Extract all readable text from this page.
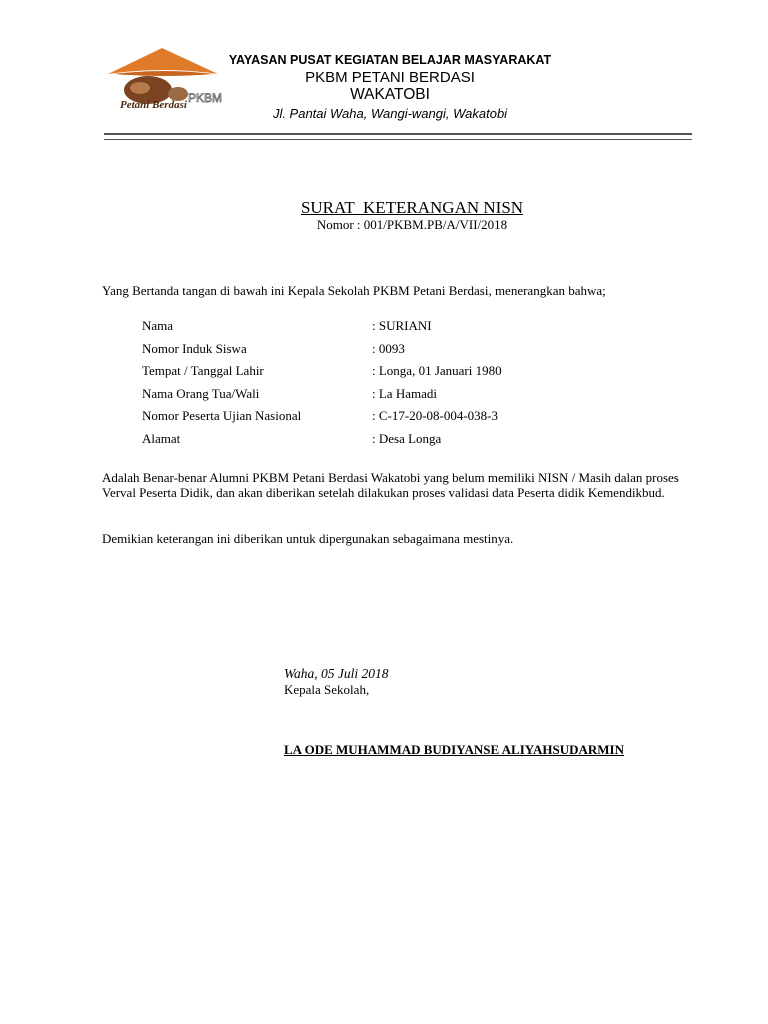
Petani Berdasi PKBM
YAYASAN PUSAT KEGIATAN BELAJAR MASYARAKAT
PKBM PETANI BERDASI
WAKATOBI
Jl. Pantai Waha, Wangi-wangi, Wakatobi
SURAT  KETERANGAN NISN
Nomor : 001/PKBM.PB/A/VII/2018
Yang Bertanda tangan di bawah ini Kepala Sekolah PKBM Petani Berdasi, menerangkan bahwa;
Nama	: SURIANI
Nomor Induk Siswa	: 0093
Tempat / Tanggal Lahir	: Longa, 01 Januari 1980
Nama Orang Tua/Wali	: La Hamadi
Nomor Peserta Ujian Nasional	: C-17-20-08-004-038-3
Alamat	: Desa Longa
Adalah Benar-benar Alumni PKBM Petani Berdasi Wakatobi yang belum memiliki NISN / Masih dalan proses Verval Peserta Didik, dan akan diberikan setelah dilakukan proses validasi data Peserta didik Kemendikbud.
Demikian keterangan ini diberikan untuk dipergunakan sebagaimana mestinya.
Waha, 05 Juli 2018
Kepala Sekolah,
LA ODE MUHAMMAD BUDIYANSE ALIYAHSUDARMIN
